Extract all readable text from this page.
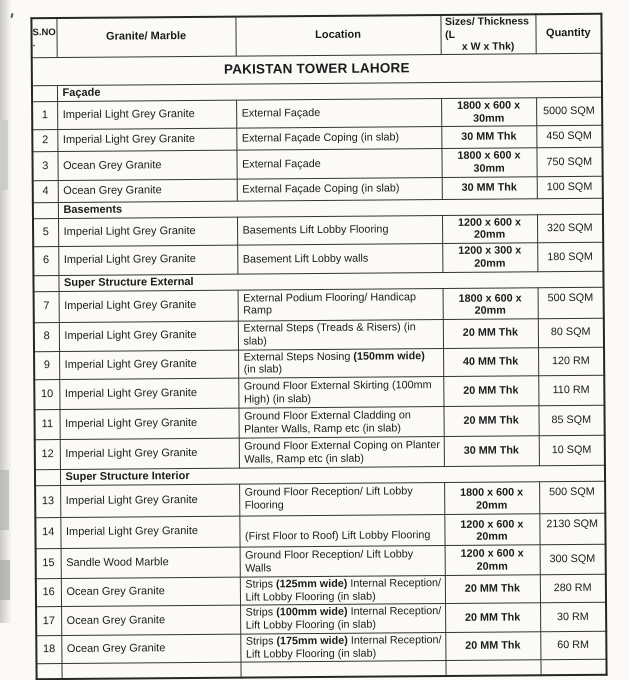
PAKISTAN TOWER LAHORE				
S.NO.	Granite/ Marble	Location	Sizes/ Thickness (L
x W x Thk)	Quantity
	Façade			
1	Imperial Light Grey Granite	External Façade	1800 x 600 x 30mm	5000 SQM
2	Imperial Light Grey Granite	External Façade Coping (in slab)	30 MM Thk	450 SQM
3	Ocean Grey Granite	External Façade	1800 x 600 x 30mm	750 SQM
4	Ocean Grey Granite	External Façade Coping (in slab)	30 MM Thk	100 SQM
	Basements			
5	Imperial Light Grey Granite	Basements Lift Lobby Flooring	1200 x 600 x 20mm	320 SQM
6	Imperial Light Grey Granite	Basement Lift Lobby walls	1200 x 300 x 20mm	180 SQM
	Super Structure External			
7	Imperial Light Grey Granite	External Podium Flooring/ Handicap Ramp	1800 x 600 x 20mm	500 SQM
8	Imperial Light Grey Granite	External Steps (Treads & Risers) (in slab)	20 MM Thk	80 SQM
9	Imperial Light Grey Granite	External Steps Nosing (150mm wide) (in slab)	40 MM Thk	120 RM
10	Imperial Light Grey Granite	Ground Floor External Skirting (100mm High) (in slab)	20 MM Thk	110 RM
11	Imperial Light Grey Granite	Ground Floor External Cladding on Planter Walls, Ramp etc (in slab)	20 MM Thk	85 SQM
12	Imperial Light Grey Granite	Ground Floor External Coping on Planter Walls, Ramp etc (in slab)	30 MM Thk	10 SQM
	Super Structure Interior			
13	Imperial Light Grey Granite	Ground Floor Reception/ Lift Lobby Flooring	1800 x 600 x 20mm	500 SQM
14	Imperial Light Grey Granite	(First Floor to Roof) Lift Lobby Flooring	1200 x 600 x 20mm	2130 SQM
15	Sandle Wood Marble	Ground Floor Reception/ Lift Lobby Walls	1200 x 600 x 20mm	300 SQM
16	Ocean Grey Granite	Strips (125mm wide) Internal Reception/ Lift Lobby Flooring (in slab)	20 MM Thk	280 RM
17	Ocean Grey Granite	Strips (100mm wide) Internal Reception/ Lift Lobby Flooring (in slab)	20 MM Thk	30 RM
18	Ocean Grey Granite	Strips (175mm wide) Internal Reception/ Lift Lobby Flooring (in slab)	20 MM Thk	60 RM
